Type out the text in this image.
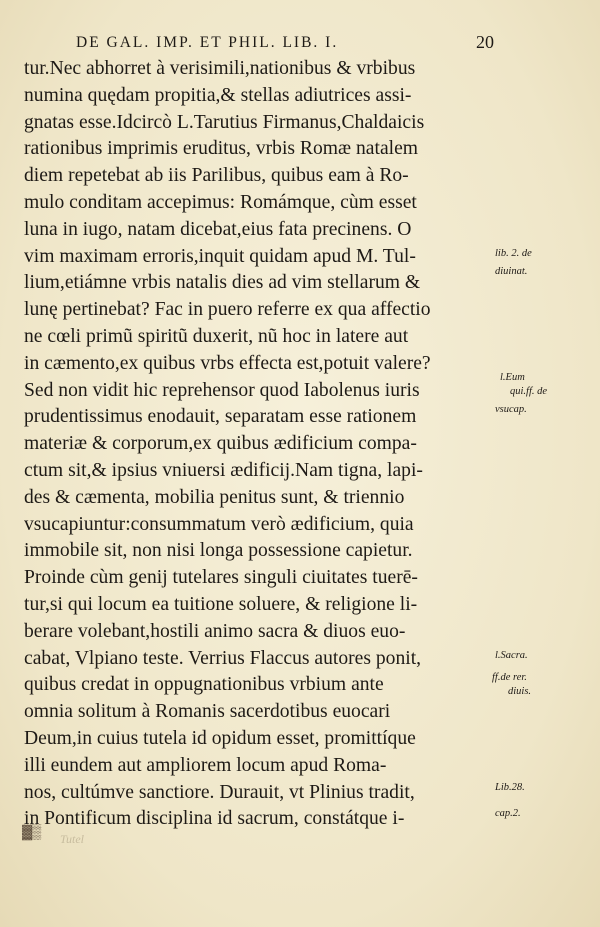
DE GAL. IMP. ET PHIL. LIB. I.	20
tur.Nec abhorret à verisimili,nationibus & vrbibus
numina quędam propitia,& stellas adiutrices assi-
gnatas esse.Idcircò L.Tarutius Firmanus,Chaldaicis
rationibus imprimis eruditus, vrbis Romæ natalem
diem repetebat ab iis Parilibus, quibus eam à Ro-
mulo conditam accepimus: Romámque, cùm esset
luna in iugo, natam dicebat,eius fata precinens. O
vim maximam erroris,inquit quidam apud M. Tul-
lium,etiámne vrbis natalis dies ad vim stellarum &
lunę pertinebat? Fac in puero referre ex qua affectio
ne cœli primũ spiritũ duxerit, nũ hoc in latere aut
in cæmento,ex quibus vrbs effecta est,potuit valere?
Sed non vidit hic reprehensor quod Iabolenus iuris
prudentissimus enodauit, separatam esse rationem
materiæ & corporum,ex quibus ædificium compa-
ctum sit,& ipsius vniuersi ædificij.Nam tigna, lapi-
des & cæmenta, mobilia penitus sunt, & triennio
vsucapiuntur:consummatum verò ædificium, quia
immobile sit, non nisi longa possessione capietur.
Proinde cùm genij tutelares singuli ciuitates tuerē-
tur,si qui locum ea tuitione soluere, & religione li-
berare volebant,hostili animo sacra & diuos euo-
cabat, Vlpiano teste. Verrius Flaccus autores ponit,
quibus credat in oppugnationibus vrbium ante
omnia solitum à Romanis sacerdotibus euocari
Deum,in cuius tutela id opidum esset, promittíque
illi eundem aut ampliorem locum apud Roma-
nos, cultúmve sanctiore. Durauit, vt Plinius tradit,
in Pontificum disciplina id sacrum, constátque i-
lib. 2. de
diuinat.
l.Eum
qui.ff. de
vsucap.
l.Sacra.
ff.de rer.
diuis.
Lib.28.
cap.2.
▓▒ Tutel
